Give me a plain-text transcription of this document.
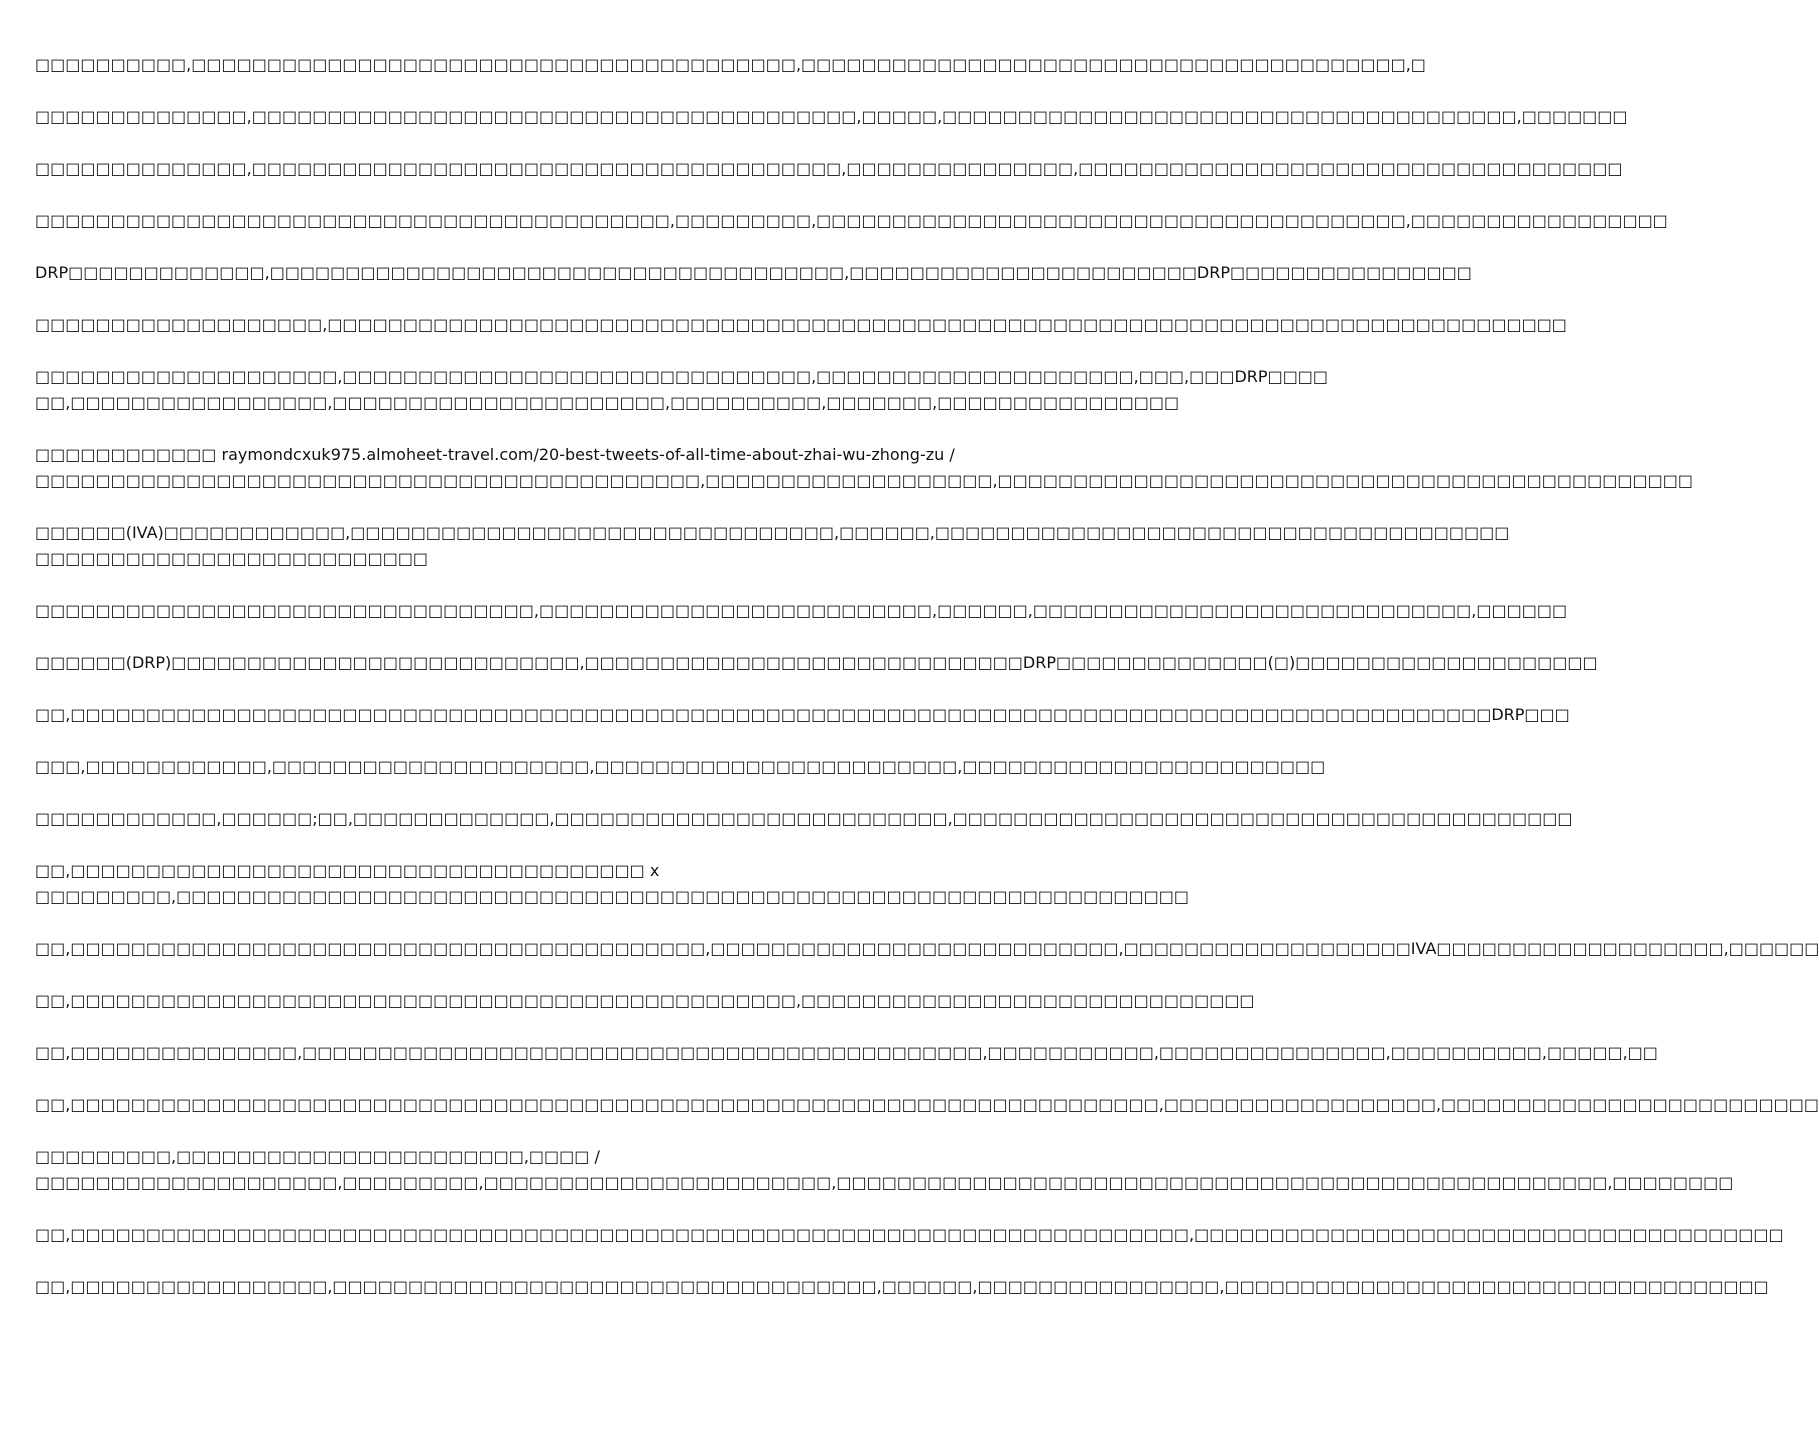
□□□□□□□□□□,□□□□□□□□□□□□□□□□□□□□□□□□□□□□□□□□□□□□□□□□,□□□□□□□□□□□□□□□□□□□□□□□□□□□□□□□□□□□□□□□□,□
□□□□□□□□□□□□□□,□□□□□□□□□□□□□□□□□□□□□□□□□□□□□□□□□□□□□□□□,□□□□□,□□□□□□□□□□□□□□□□□□□□□□□□□□□□□□□□□□□□□□,□□□□□□□
□□□□□□□□□□□□□□,□□□□□□□□□□□□□□□□□□□□□□□□□□□□□□□□□□□□□□□,□□□□□□□□□□□□□□□,□□□□□□□□□□□□□□□□□□□□□□□□□□□□□□□□□□□□
□□□□□□□□□□□□□□□□□□□□□□□□□□□□□□□□□□□□□□□□□□,□□□□□□□□□,□□□□□□□□□□□□□□□□□□□□□□□□□□□□□□□□□□□□□□□,□□□□□□□□□□□□□□□□□
DRP□□□□□□□□□□□□□,□□□□□□□□□□□□□□□□□□□□□□□□□□□□□□□□□□□□□□,□□□□□□□□□□□□□□□□□□□□□□□DRP□□□□□□□□□□□□□□□□
□□□□□□□□□□□□□□□□□□□,□□□□□□□□□□□□□□□□□□□□□□□□□□□□□□□□□□□□□□□□□□□□□□□□□□□□□□□□□□□□□□□□□□□□□□□□□□□□□□□□□□
□□□□□□□□□□□□□□□□□□□□,□□□□□□□□□□□□□□□□□□□□□□□□□□□□□□□,□□□□□□□□□□□□□□□□□□□□□,□□□,□□□DRP□□□□
□□,□□□□□□□□□□□□□□□□□,□□□□□□□□□□□□□□□□□□□□□□,□□□□□□□□□□,□□□□□□□,□□□□□□□□□□□□□□□□
□□□□□□□□□□□□ raymondcxuk975.almoheet-travel.com/20-best-tweets-of-all-time-about-zhai-wu-zhong-zu /
□□□□□□□□□□□□□□□□□□□□□□□□□□□□□□□□□□□□□□□□□□□□,□□□□□□□□□□□□□□□□□□□,□□□□□□□□□□□□□□□□□□□□□□□□□□□□□□□□□□□□□□□□□□□□□□
□□□□□□(IVA)□□□□□□□□□□□□,□□□□□□□□□□□□□□□□□□□□□□□□□□□□□□□□,□□□□□□,□□□□□□□□□□□□□□□□□□□□□□□□□□□□□□□□□□□□□□
□□□□□□□□□□□□□□□□□□□□□□□□□□
□□□□□□□□□□□□□□□□□□□□□□□□□□□□□□□□□,□□□□□□□□□□□□□□□□□□□□□□□□□□,□□□□□□,□□□□□□□□□□□□□□□□□□□□□□□□□□□□□,□□□□□□
□□□□□□(DRP)□□□□□□□□□□□□□□□□□□□□□□□□□□□,□□□□□□□□□□□□□□□□□□□□□□□□□□□□□DRP□□□□□□□□□□□□□□(□)□□□□□□□□□□□□□□□□□□□□
□□,□□□□□□□□□□□□□□□□□□□□□□□□□□□□□□□□□□□□□□□□□□□□□□□□□□□□□□□□□□□□□□□□□□□□□□□□□□□□□□□□□□□□□□□□□□□□□□DRP□□□
□□□,□□□□□□□□□□□□,□□□□□□□□□□□□□□□□□□□□□,□□□□□□□□□□□□□□□□□□□□□□□□,□□□□□□□□□□□□□□□□□□□□□□□□
□□□□□□□□□□□□,□□□□□□;□□,□□□□□□□□□□□□□,□□□□□□□□□□□□□□□□□□□□□□□□□□,□□□□□□□□□□□□□□□□□□□□□□□□□□□□□□□□□□□□□□□□□
□□,□□□□□□□□□□□□□□□□□□□□□□□□□□□□□□□□□□□□□□ x
□□□□□□□□□,□□□□□□□□□□□□□□□□□□□□□□□□□□□□□□□□□□□□□□□□□□□□□□□□□□□□□□□□□□□□□□□□□□□
□□,□□□□□□□□□□□□□□□□□□□□□□□□□□□□□□□□□□□□□□□□□□,□□□□□□□□□□□□□□□□□□□□□□□□□□□,□□□□□□□□□□□□□□□□□□□IVA□□□□□□□□□□□□□□□□□□□,□□□□□□
□□,□□□□□□□□□□□□□□□□□□□□□□□□□□□□□□□□□□□□□□□□□□□□□□□□,□□□□□□□□□□□□□□□□□□□□□□□□□□□□□□
□□,□□□□□□□□□□□□□□□,□□□□□□□□□□□□□□□□□□□□□□□□□□□□□□□□□□□□□□□□□□□□□,□□□□□□□□□□□,□□□□□□□□□□□□□□□,□□□□□□□□□□,□□□□□,□□
□□,□□□□□□□□□□□□□□□□□□□□□□□□□□□□□□□□□□□□□□□□□□□□□□□□□□□□□□□□□□□□□□□□□□□□□□□□,□□□□□□□□□□□□□□□□□□,□□□□□□□□□□□□□□□□□□□□□□□□□
□□□□□□□□□,□□□□□□□□□□□□□□□□□□□□□□□,□□□□ /
□□□□□□□□□□□□□□□□□□□□,□□□□□□□□□,□□□□□□□□□□□□□□□□□□□□□□□,□□□□□□□□□□□□□□□□□□□□□□□□□□□□□□□□□□□□□□□□□□□□□□□□□□□,□□□□□□□□
□□,□□□□□□□□□□□□□□□□□□□□□□□□□□□□□□□□□□□□□□□□□□□□□□□□□□□□□□□□□□□□□□□□□□□□□□□□□□,□□□□□□□□□□□□□□□□□□□□□□□□□□□□□□□□□□□□□□□
□□,□□□□□□□□□□□□□□□□□,□□□□□□□□□□□□□□□□□□□□□□□□□□□□□□□□□□□□,□□□□□□,□□□□□□□□□□□□□□□□,□□□□□□□□□□□□□□□□□□□□□□□□□□□□□□□□□□□□
